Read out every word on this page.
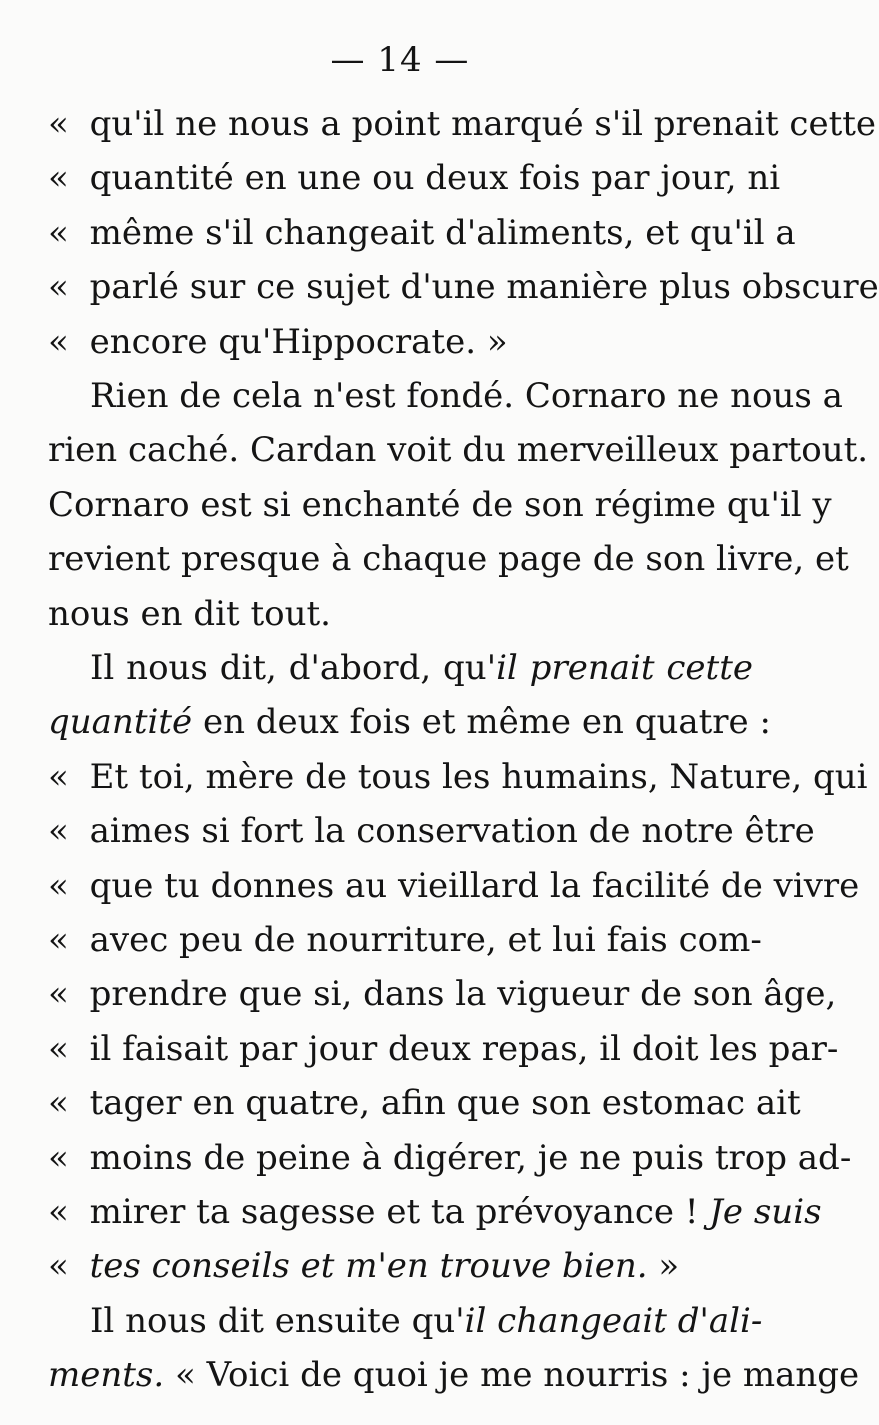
— 14 —
« qu'il ne nous a point marqué s'il prenait cette
« quantité en une ou deux fois par jour, ni
« même s'il changeait d'aliments, et qu'il a
« parlé sur ce sujet d'une manière plus obscure
« encore qu'Hippocrate. »
Rien de cela n'est fondé. Cornaro ne nous a
rien caché. Cardan voit du merveilleux partout.
Cornaro est si enchanté de son régime qu'il y
revient presque à chaque page de son livre, et
nous en dit tout.
Il nous dit, d'abord, qu'il prenait cette
quantité en deux fois et même en quatre :
« Et toi, mère de tous les humains, Nature, qui
« aimes si fort la conservation de notre être
« que tu donnes au vieillard la facilité de vivre
« avec peu de nourriture, et lui fais com-
« prendre que si, dans la vigueur de son âge,
« il faisait par jour deux repas, il doit les par-
« tager en quatre, afin que son estomac ait
« moins de peine à digérer, je ne puis trop ad-
« mirer ta sagesse et ta prévoyance ! Je suis
« tes conseils et m'en trouve bien. »
Il nous dit ensuite qu'il changeait d'ali-
ments. « Voici de quoi je me nourris : je mange
